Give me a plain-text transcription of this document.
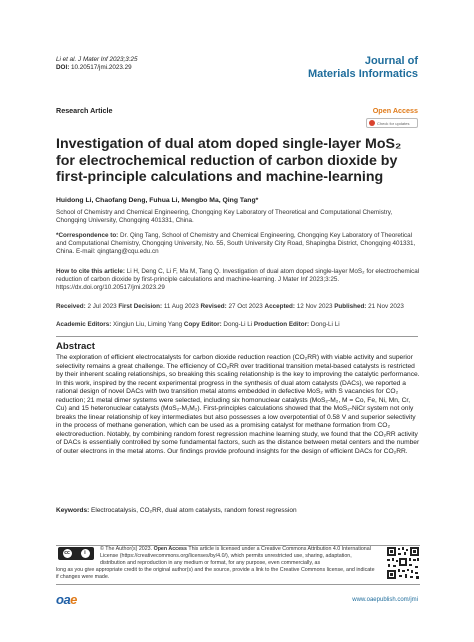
Li et al. J Mater Inf 2023;3:25
DOI: 10.20517/jmi.2023.29
Journal of
Materials Informatics
Research Article	Open Access
Check for updates
Investigation of dual atom doped single-layer MoS₂ for electrochemical reduction of carbon dioxide by first-principle calculations and machine-learning
Huidong Li, Chaofang Deng, Fuhua Li, Mengbo Ma, Qing Tang*
School of Chemistry and Chemical Engineering, Chongqing Key Laboratory of Theoretical and Computational Chemistry, Chongqing University, Chongqing 401331, China.
*Correspondence to: Dr. Qing Tang, School of Chemistry and Chemical Engineering, Chongqing Key Laboratory of Theoretical and Computational Chemistry, Chongqing University, No. 55, South University City Road, Shapingba District, Chongqing 401331, China. E-mail: qingtang@cqu.edu.cn
How to cite this article: Li H, Deng C, Li F, Ma M, Tang Q. Investigation of dual atom doped single-layer MoS₂ for electrochemical reduction of carbon dioxide by first-principle calculations and machine-learning. J Mater Inf 2023;3:25. https://dx.doi.org/10.20517/jmi.2023.29
Received: 2 Jul 2023 First Decision: 11 Aug 2023 Revised: 27 Oct 2023 Accepted: 12 Nov 2023 Published: 21 Nov 2023
Academic Editors: Xingjun Liu, Liming Yang Copy Editor: Dong-Li Li Production Editor: Dong-Li Li
Abstract
The exploration of efficient electrocatalysts for carbon dioxide reduction reaction (CO₂RR) with viable activity and superior selectivity remains a great challenge. The efficiency of CO₂RR over traditional transition metal-based catalysts is restricted by their inherent scaling relationships, so breaking this scaling relationship is the key to improving the catalytic performance. In this work, inspired by the recent experimental progress in the synthesis of dual atom catalysts (DACs), we reported a rational design of novel DACs with two transition metal atoms embedded in defective MoS₂ with S vacancies for CO₂ reduction; 21 metal dimer systems were selected, including six homonuclear catalysts (MoS₂-M₂, M = Co, Fe, Ni, Mn, Cr, Cu) and 15 heteronuclear catalysts (MoS₂-M₁M₂). First-principles calculations showed that the MoS₂-NiCr system not only breaks the linear relationship of key intermediates but also possesses a low overpotential of 0.58 V and superior selectivity in the process of methane generation, which can be used as a promising catalyst for methane formation from CO₂ electroreduction. Notably, by combining random forest regression machine learning study, we found that the CO₂RR activity of DACs is essentially controlled by some fundamental factors, such as the distance between metal centers and the number of outer electrons in the metal atoms. Our findings provide profound insights for the design of efficient DACs for CO₂RR.
Keywords: Electrocatalysis, CO₂RR, dual atom catalysts, random forest regression
cc	i
© The Author(s) 2023. Open Access This article is licensed under a Creative Commons Attribution 4.0 International License (https://creativecommons.org/licenses/by/4.0/), which permits unrestricted use, sharing, adaptation, distribution and reproduction in any medium or format, for any purpose, even commercially, as
long as you give appropriate credit to the original author(s) and the source, provide a link to the Creative Commons license, and indicate if changes were made.
oae	www.oaepublish.com/jmi
